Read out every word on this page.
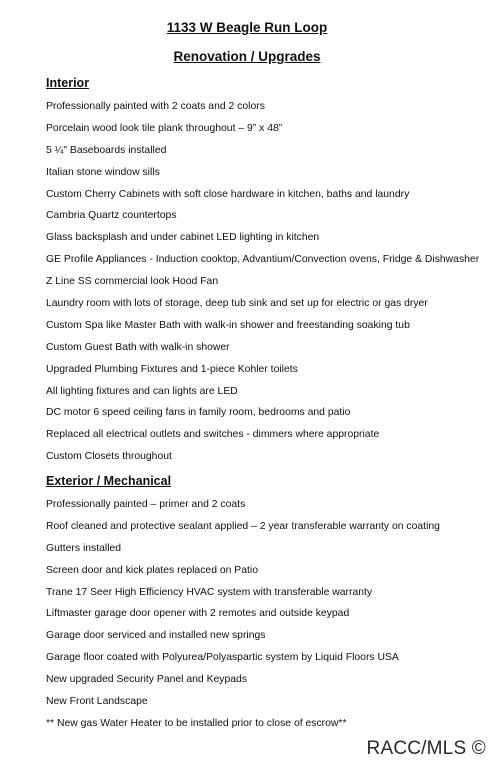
1133 W Beagle Run Loop
Renovation / Upgrades
Interior
Professionally painted with 2 coats and 2 colors
Porcelain wood look tile plank throughout – 9” x 48”
5 ¼" Baseboards installed
Italian stone window sills
Custom Cherry Cabinets with soft close hardware in kitchen, baths and laundry
Cambria Quartz countertops
Glass backsplash and under cabinet LED lighting in kitchen
GE Profile Appliances - Induction cooktop, Advantium/Convection ovens, Fridge & Dishwasher
Z Line SS commercial look Hood Fan
Laundry room with lots of storage, deep tub sink and set up for electric or gas dryer
Custom Spa like Master Bath with walk-in shower and freestanding soaking tub
Custom Guest Bath with walk-in shower
Upgraded Plumbing Fixtures and 1-piece Kohler toilets
All lighting fixtures and can lights are LED
DC motor 6 speed ceiling fans in family room, bedrooms and patio
Replaced all electrical outlets and switches - dimmers where appropriate
Custom Closets throughout
Exterior / Mechanical
Professionally painted – primer and 2 coats
Roof cleaned and protective sealant applied – 2 year transferable warranty on coating
Gutters installed
Screen door and kick plates replaced on Patio
Trane 17 Seer High Efficiency HVAC system with transferable warranty
Liftmaster garage door opener with 2 remotes and outside keypad
Garage door serviced and installed new springs
Garage floor coated with Polyurea/Polyaspartic system by Liquid Floors USA
New upgraded Security Panel and Keypads
New Front Landscape
** New gas Water Heater to be installed prior to close of escrow**
RACC/MLS ©
